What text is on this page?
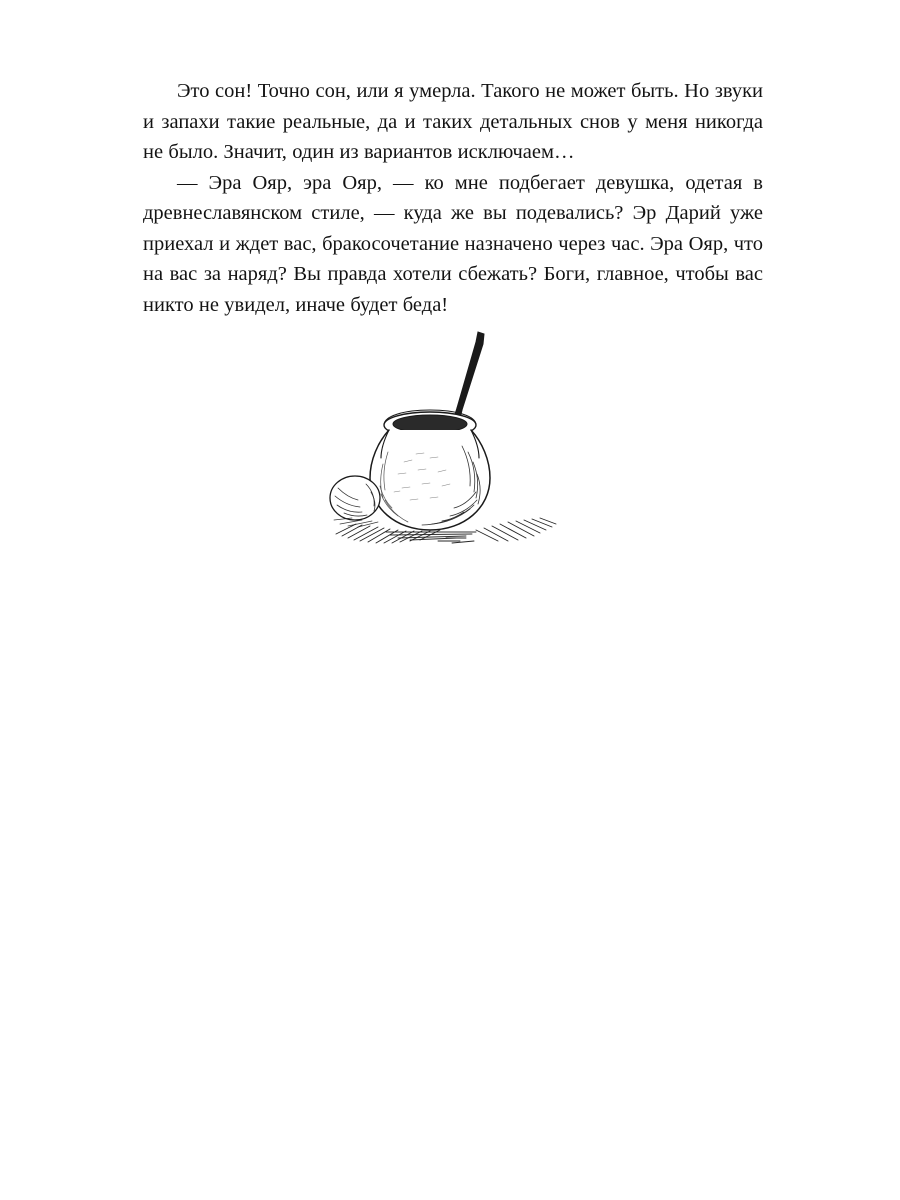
Это сон! Точно сон, или я умерла. Такого не может быть. Но звуки и запахи такие реальные, да и таких детальных снов у меня никогда не было. Значит, один из вариантов исключаем…

— Эра Ояр, эра Ояр, — ко мне подбегает девушка, одетая в древнеславянском стиле, — куда же вы подевались? Эр Дарий уже приехал и ждет вас, бракосочетание назначено через час. Эра Ояр, что на вас за наряд? Вы правда хотели сбежать? Боги, главное, чтобы вас никто не увидел, иначе будет беда!
